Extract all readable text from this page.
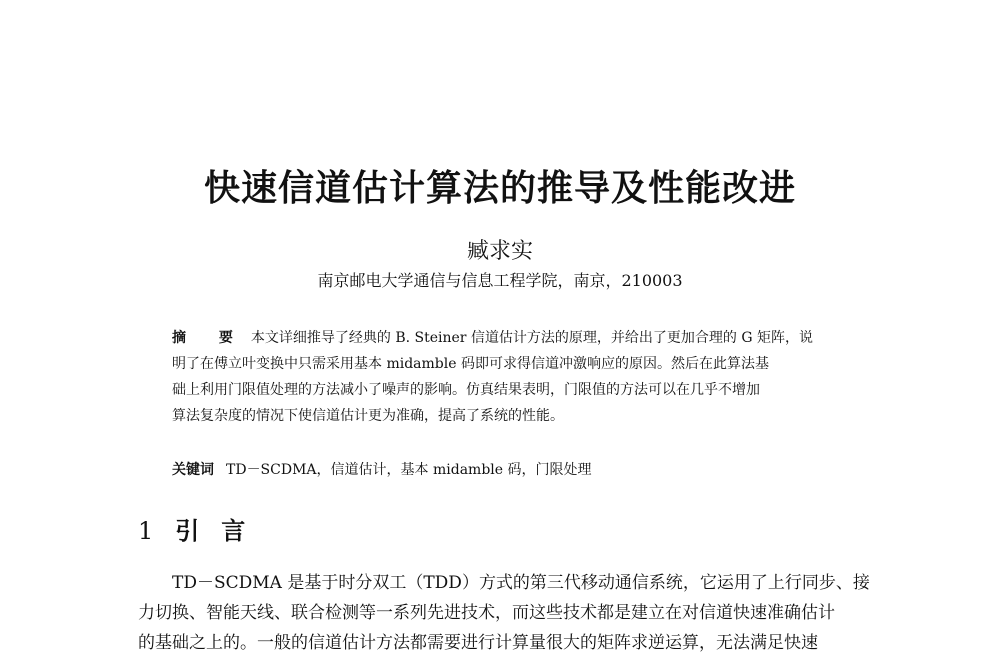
快速信道估计算法的推导及性能改进
臧求实
南京邮电大学通信与信息工程学院，南京，210003
摘 要 本文详细推导了经典的 B. Steiner 信道估计方法的原理，并给出了更加合理的 G 矩阵，说
明了在傅立叶变换中只需采用基本 midamble 码即可求得信道冲激响应的原因。然后在此算法基
础上利用门限值处理的方法减小了噪声的影响。仿真结果表明，门限值的方法可以在几乎不增加
算法复杂度的情况下使信道估计更为准确，提高了系统的性能。
关键词 TD－SCDMA，信道估计，基本 midamble 码，门限处理
1 引言
TD－SCDMA 是基于时分双工（TDD）方式的第三代移动通信系统，它运用了上行同步、接
力切换、智能天线、联合检测等一系列先进技术，而这些技术都是建立在对信道快速准确估计
的基础之上的。一般的信道估计方法都需要进行计算量很大的矩阵求逆运算，无法满足快速
